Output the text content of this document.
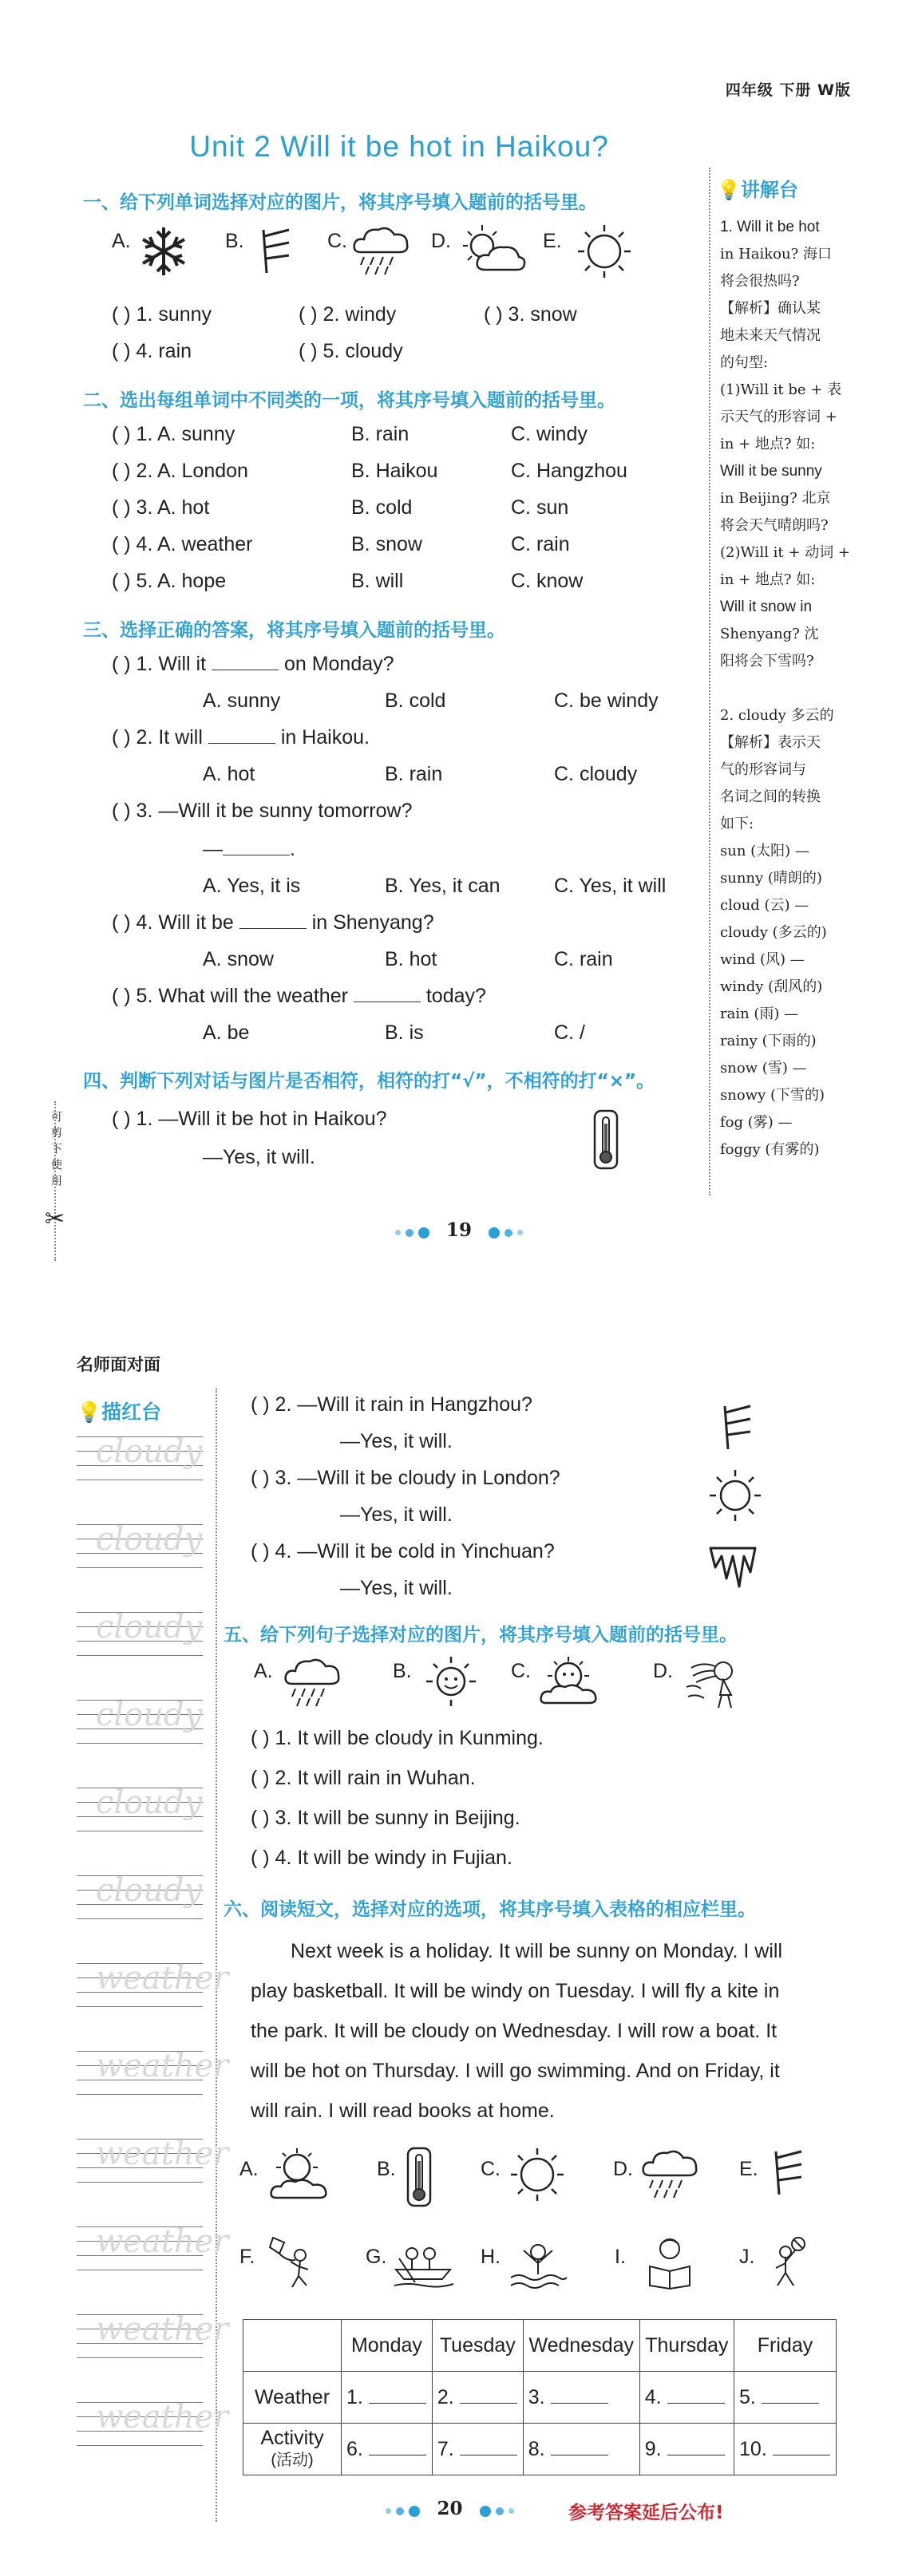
四年级 下册 W版
Unit 2 Will it be hot in Haikou?
一、给下列单词选择对应的图片，将其序号填入题前的括号里。
A.	B.	C.	D.	E.
( ) 1. sunny	( ) 2. windy	( ) 3. snow
( ) 4. rain	( ) 5. cloudy
二、选出每组单词中不同类的一项，将其序号填入题前的括号里。
( ) 1. A. sunny	B. rain	C. windy
( ) 2. A. London	B. Haikou	C. Hangzhou
( ) 3. A. hot	B. cold	C. sun
( ) 4. A. weather	B. snow	C. rain
( ) 5. A. hope	B. will	C. know
三、选择正确的答案，将其序号填入题前的括号里。
( ) 1. Will it	on Monday?
A. sunny	B. cold	C. be windy
( ) 2. It will	in Haikou.
A. hot	B. rain	C. cloudy
( ) 3. —Will it be sunny tomorrow?
—	.
A. Yes, it is	B. Yes, it can	C. Yes, it will
( ) 4. Will it be	in Shenyang?
A. snow	B. hot	C. rain
( ) 5. What will the weather	today?
A. be	B. is	C. /
四、判断下列对话与图片是否相符，相符的打“√”，不相符的打“×”。
( ) 1. —Will it be hot in Haikou?
—Yes, it will.
💡讲解台
1. Will it be hot
in Haikou? 海口
将会很热吗?
【解析】确认某
地未来天气情况
的句型:
(1)Will it be + 表
示天气的形容词 +
in + 地点? 如:
Will it be sunny
in Beijing? 北京
将会天气晴朗吗?
(2)Will it + 动词 +
in + 地点? 如:
Will it snow in
Shenyang? 沈
阳将会下雪吗?
2. cloudy 多云的
【解析】表示天
气的形容词与
名词之间的转换
如下:
sun (太阳) —
sunny (晴朗的)
cloud (云) —
cloudy (多云的)
wind (风) —
windy (刮风的)
rain (雨) —
rainy (下雨的)
snow (雪) —
snowy (下雪的)
fog (雾) —
foggy (有雾的)
可剪下使用
✂	19
名师面对面
💡描红台
cloudy
cloudy
cloudy
cloudy
cloudy
cloudy
weather
weather
weather
weather
weather
weather
( ) 2. —Will it rain in Hangzhou?
—Yes, it will.
( ) 3. —Will it be cloudy in London?
—Yes, it will.
( ) 4. —Will it be cold in Yinchuan?
—Yes, it will.
五、给下列句子选择对应的图片，将其序号填入题前的括号里。
A.	B.	C.	D.
( ) 1. It will be cloudy in Kunming.
( ) 2. It will rain in Wuhan.
( ) 3. It will be sunny in Beijing.
( ) 4. It will be windy in Fujian.
六、阅读短文，选择对应的选项，将其序号填入表格的相应栏里。
Next week is a holiday. It will be sunny on Monday. I will
play basketball. It will be windy on Tuesday. I will fly a kite in
the park. It will be cloudy on Wednesday. I will row a boat. It
will be hot on Thursday. I will go swimming. And on Friday, it
will rain. I will read books at home.
A.	B.	C.	D.	E.
F.	G.	H.	I.	J.
	Monday	Tuesday	Wednesday	Thursday	Friday
Weather	1.	2.	3.	4.	5.

Activity
(活动)	6.	7.	8.	9.	10.
20	参考答案延后公布!
